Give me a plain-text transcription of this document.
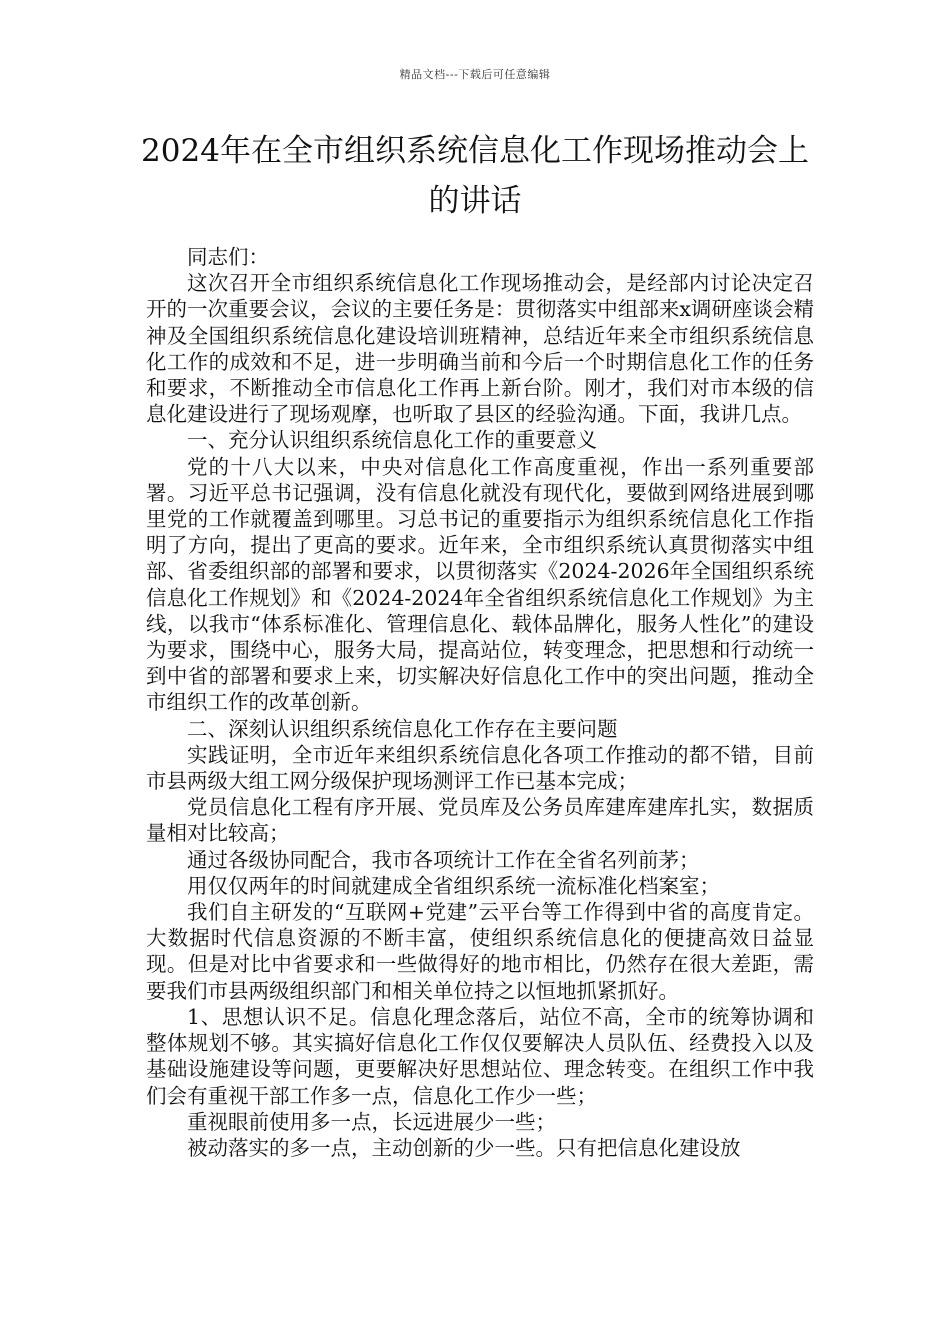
精品文档---下载后可任意编辑
2024年在全市组织系统信息化工作现场推动会上的讲话

同志们：

这次召开全市组织系统信息化工作现场推动会，是经部内讨论决定召开的一次重要会议，会议的主要任务是：贯彻落实中组部来x调研座谈会精神及全国组织系统信息化建设培训班精神，总结近年来全市组织系统信息化工作的成效和不足，进一步明确当前和今后一个时期信息化工作的任务和要求，不断推动全市信息化工作再上新台阶。刚才，我们对市本级的信息化建设进行了现场观摩，也听取了县区的经验沟通。下面，我讲几点。

一、充分认识组织系统信息化工作的重要意义

党的十八大以来，中央对信息化工作高度重视，作出一系列重要部署。习近平总书记强调，没有信息化就没有现代化，要做到网络进展到哪里党的工作就覆盖到哪里。习总书记的重要指示为组织系统信息化工作指明了方向，提出了更高的要求。近年来，全市组织系统认真贯彻落实中组部、省委组织部的部署和要求，以贯彻落实《2024-2026年全国组织系统信息化工作规划》和《2024-2024年全省组织系统信息化工作规划》为主线，以我市“体系标准化、管理信息化、载体品牌化，服务人性化”的建设为要求，围绕中心，服务大局，提高站位，转变理念，把思想和行动统一到中省的部署和要求上来，切实解决好信息化工作中的突出问题，推动全市组织工作的改革创新。

二、深刻认识组织系统信息化工作存在主要问题

实践证明，全市近年来组织系统信息化各项工作推动的都不错，目前市县两级大组工网分级保护现场测评工作已基本完成；

党员信息化工程有序开展、党员库及公务员库建库建库扎实，数据质量相对比较高；

通过各级协同配合，我市各项统计工作在全省名列前茅；

用仅仅两年的时间就建成全省组织系统一流标准化档案室；

我们自主研发的“互联网+党建”云平台等工作得到中省的高度肯定。大数据时代信息资源的不断丰富，使组织系统信息化的便捷高效日益显现。但是对比中省要求和一些做得好的地市相比，仍然存在很大差距，需要我们市县两级组织部门和相关单位持之以恒地抓紧抓好。

1、思想认识不足。信息化理念落后，站位不高，全市的统筹协调和整体规划不够。其实搞好信息化工作仅仅要解决人员队伍、经费投入以及基础设施建设等问题，更要解决好思想站位、理念转变。在组织工作中我们会有重视干部工作多一点，信息化工作少一些；

重视眼前使用多一点，长远进展少一些；

被动落实的多一点，主动创新的少一些。只有把信息化建设放
